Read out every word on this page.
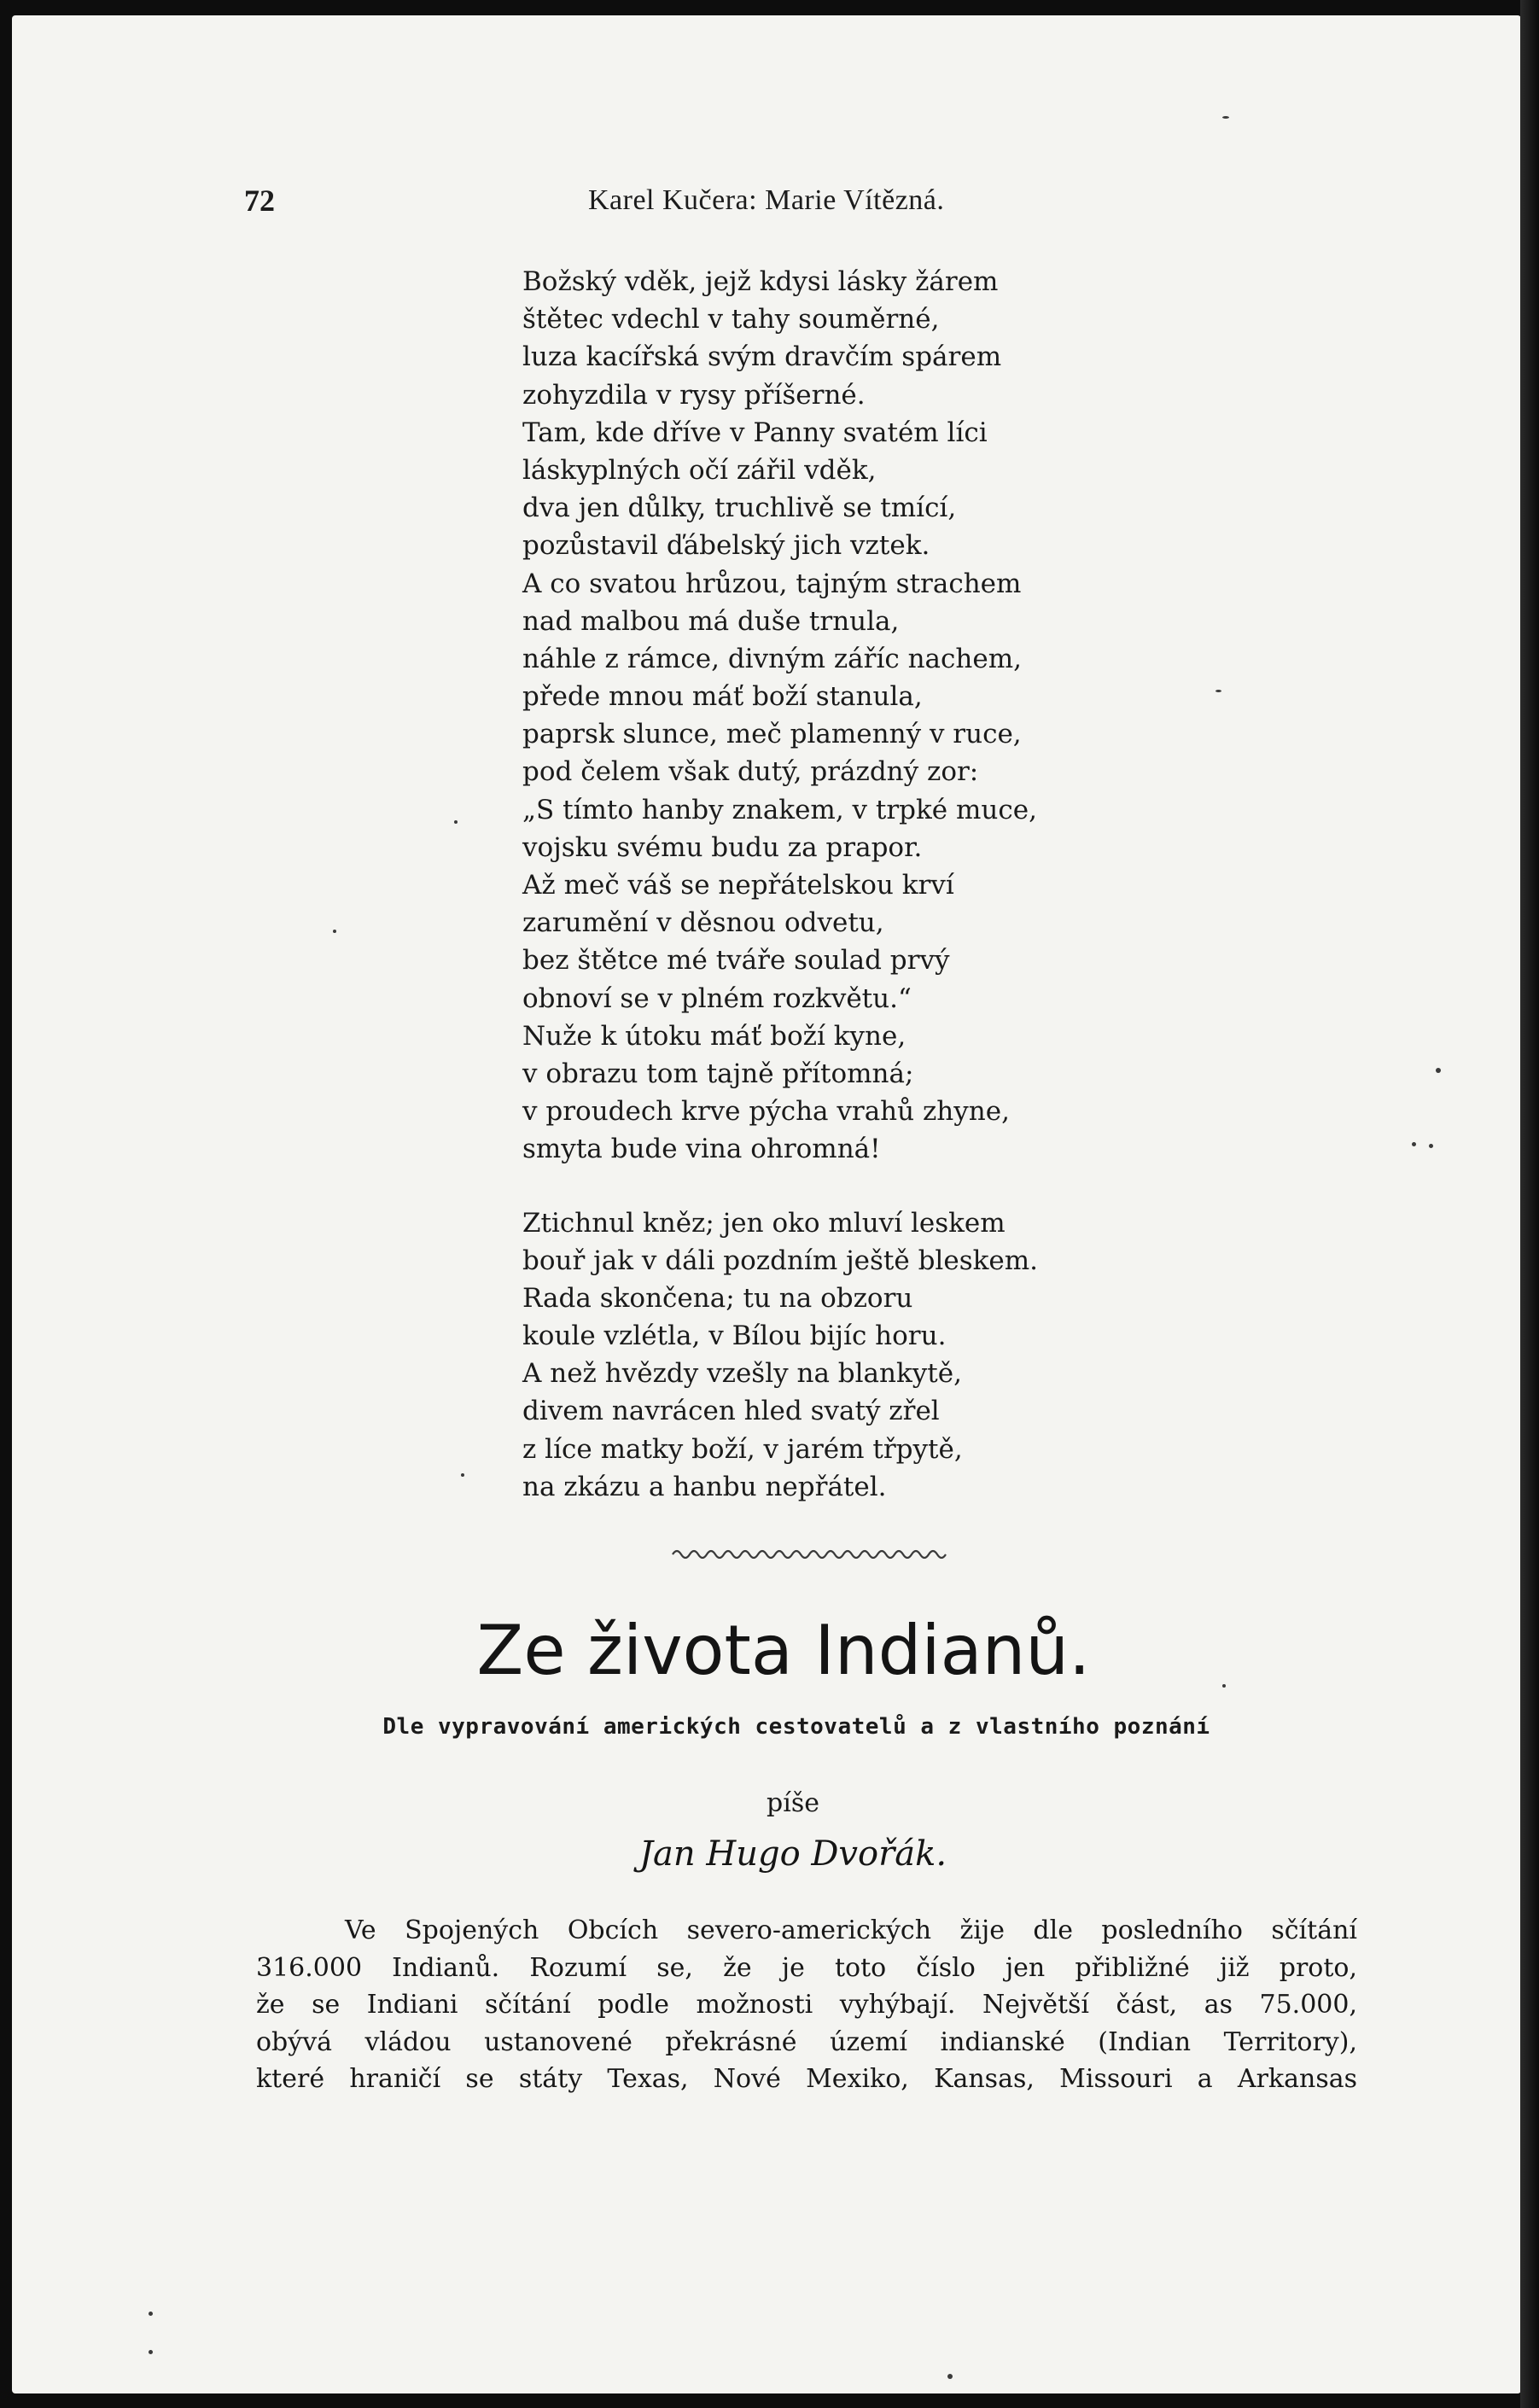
72	Karel Kučera: Marie Vítězná.
Božský vděk, jejž kdysi lásky žárem
štětec vdechl v tahy souměrné,
luza kacířská svým dravčím spárem
zohyzdila v rysy příšerné.
Tam, kde dříve v Panny svatém líci
láskyplných očí zářil vděk,
dva jen důlky, truchlivě se tmící,
pozůstavil ďábelský jich vztek.
A co svatou hrůzou, tajným strachem
nad malbou má duše trnula,
náhle z rámce, divným záříc nachem,
přede mnou máť boží stanula,
paprsk slunce, meč plamenný v ruce,
pod čelem však dutý, prázdný zor:
„S tímto hanby znakem, v trpké muce,
vojsku svému budu za prapor.
Až meč váš se nepřátelskou krví
zarumění v děsnou odvetu,
bez štětce mé tváře soulad prvý
obnoví se v plném rozkvětu.“
Nuže k útoku máť boží kyne,
v obrazu tom tajně přítomná;
v proudech krve pýcha vrahů zhyne,
smyta bude vina ohromná!
Ztichnul kněz; jen oko mluví leskem
bouř jak v dáli pozdním ještě bleskem.
Rada skončena; tu na obzoru
koule vzlétla, v Bílou bijíc horu.
A než hvězdy vzešly na blankytě,
divem navrácen hled svatý zřel
z líce matky boží, v jarém třpytě,
na zkázu a hanbu nepřátel.
Ze života Indianů.
Dle vypravování amerických cestovatelů a z vlastního poznání
píše
Jan Hugo Dvořák.
Ve Spojených Obcích severo-amerických žije dle posledního sčítání
316.000 Indianů. Rozumí se, že je toto číslo jen přibližné již proto,
že se Indiani sčítání podle možnosti vyhýbají. Největší část, as 75.000,
obývá vládou ustanovené překrásné území indianské (Indian Territory),
které hraničí se státy Texas, Nové Mexiko, Kansas, Missouri a Arkansas
